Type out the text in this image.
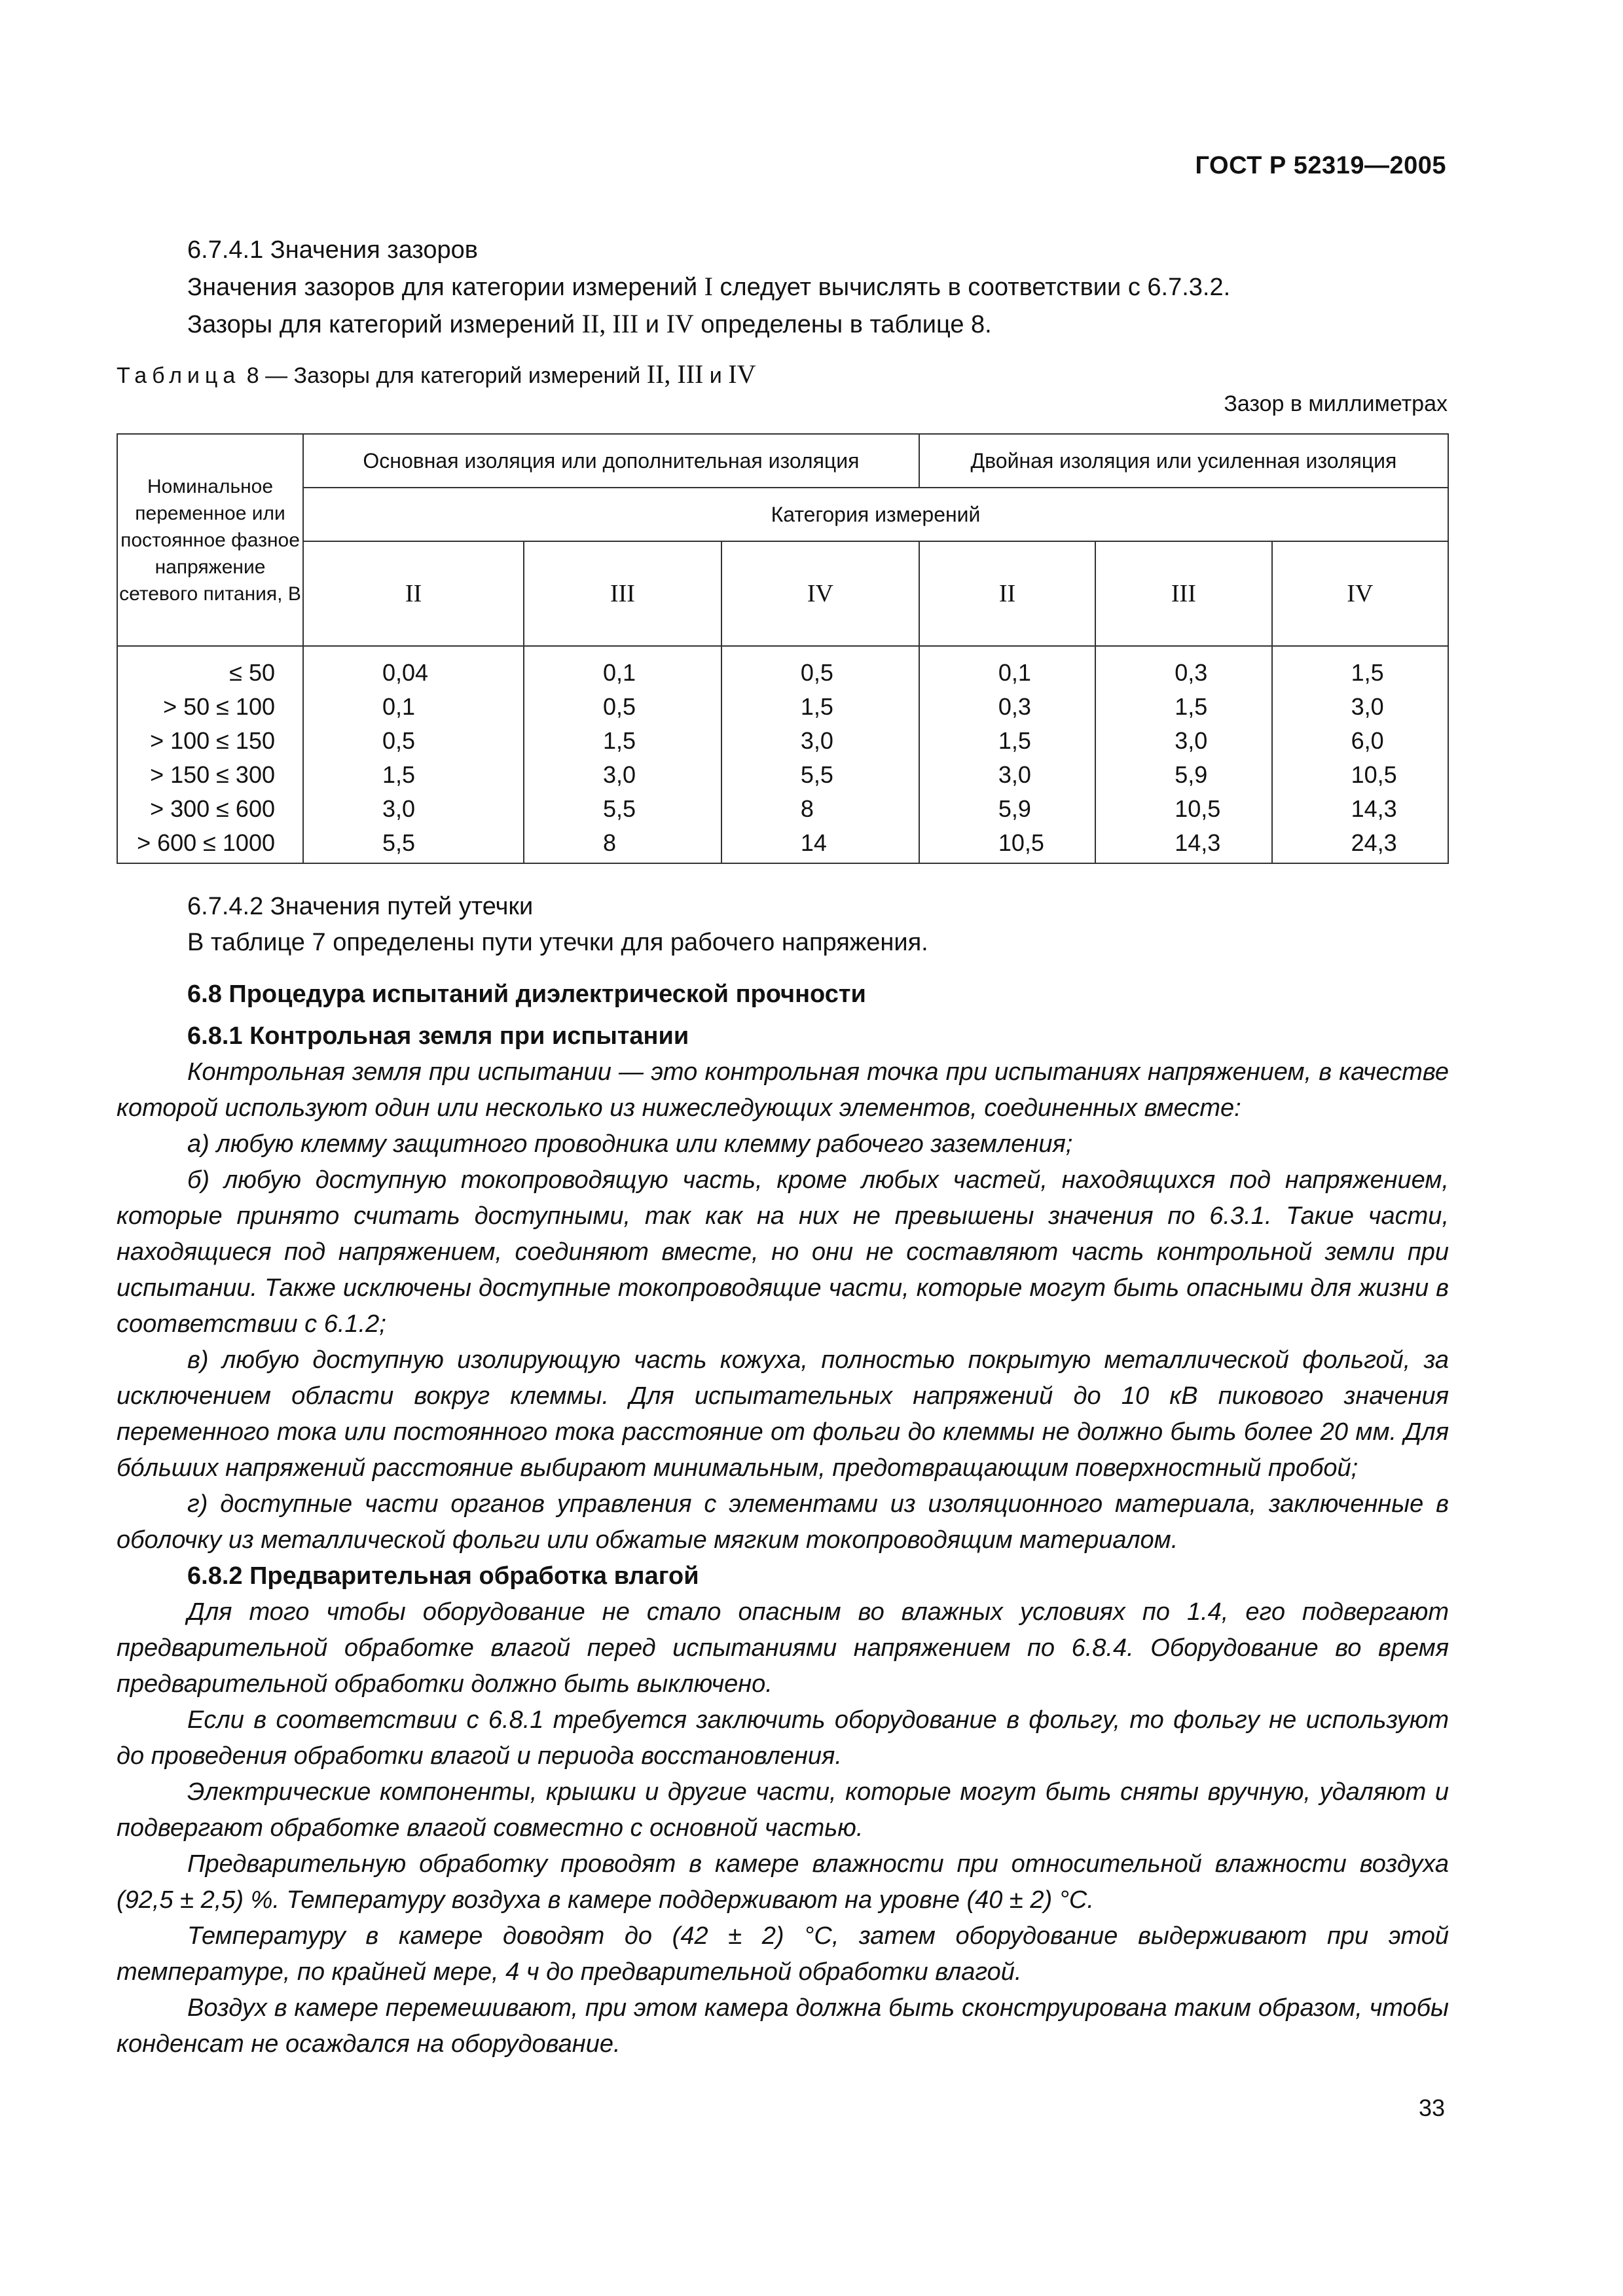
ГОСТ Р 52319—2005

6.7.4.1 Значения зазоров

Значения зазоров для категории измерений I следует вычислять в соответствии с 6.7.3.2.

Зазоры для категорий измерений II, III и IV определены в таблице 8.

Таблица 8 — Зазоры для категорий измерений II, III и IV
Зазор в миллиметрах
Номинальное переменное или постоянное фазное напряжение сетевого питания, В	Основная изоляция или дополнительная изоляция			Двойная изоляция или усиленная изоляция		
	Категория измерений					
	II	III	IV	II	III	IV
≤ 50	0,04	0,1	0,5	0,1	0,3	1,5
> 50 ≤ 100	0,1	0,5	1,5	0,3	1,5	3,0
> 100 ≤ 150	0,5	1,5	3,0	1,5	3,0	6,0
> 150 ≤ 300	1,5	3,0	5,5	3,0	5,9	10,5
> 300 ≤ 600	3,0	5,5	8	5,9	10,5	14,3
> 600 ≤ 1000	5,5	8	14	10,5	14,3	24,3

6.7.4.2 Значения путей утечки

В таблице 7 определены пути утечки для рабочего напряжения.

6.8 Процедура испытаний диэлектрической прочности

6.8.1 Контрольная земля при испытании

Контрольная земля при испытании — это контрольная точка при испытаниях напряжением, в качестве которой используют один или несколько из нижеследующих элементов, соединенных вместе:

а) любую клемму защитного проводника или клемму рабочего заземления;

б) любую доступную токопроводящую часть, кроме любых частей, находящихся под напряжением, которые принято считать доступными, так как на них не превышены значения по 6.3.1. Такие части, находящиеся под напряжением, соединяют вместе, но они не составляют часть контрольной земли при испытании. Также исключены доступные токопроводящие части, которые могут быть опасными для жизни в соответствии с 6.1.2;

в) любую доступную изолирующую часть кожуха, полностью покрытую металлической фольгой, за исключением области вокруг клеммы. Для испытательных напряжений до 10 кВ пикового значения переменного тока или постоянного тока расстояние от фольги до клеммы не должно быть более 20 мм. Для бóльших напряжений расстояние выбирают минимальным, предотвращающим поверхностный пробой;

г) доступные части органов управления с элементами из изоляционного материала, заключенные в оболочку из металлической фольги или обжатые мягким токопроводящим материалом.

6.8.2 Предварительная обработка влагой

Для того чтобы оборудование не стало опасным во влажных условиях по 1.4, его подвергают предварительной обработке влагой перед испытаниями напряжением по 6.8.4. Оборудование во время предварительной обработки должно быть выключено.

Если в соответствии с 6.8.1 требуется заключить оборудование в фольгу, то фольгу не используют до проведения обработки влагой и периода восстановления.

Электрические компоненты, крышки и другие части, которые могут быть сняты вручную, удаляют и подвергают обработке влагой совместно с основной частью.

Предварительную обработку проводят в камере влажности при относительной влажности воздуха (92,5 ± 2,5) %. Температуру воздуха в камере поддерживают на уровне (40 ± 2) °С.

Температуру в камере доводят до (42 ± 2) °С, затем оборудование выдерживают при этой температуре, по крайней мере, 4 ч до предварительной обработки влагой.

Воздух в камере перемешивают, при этом камера должна быть сконструирована таким образом, чтобы конденсат не осаждался на оборудование.

33
